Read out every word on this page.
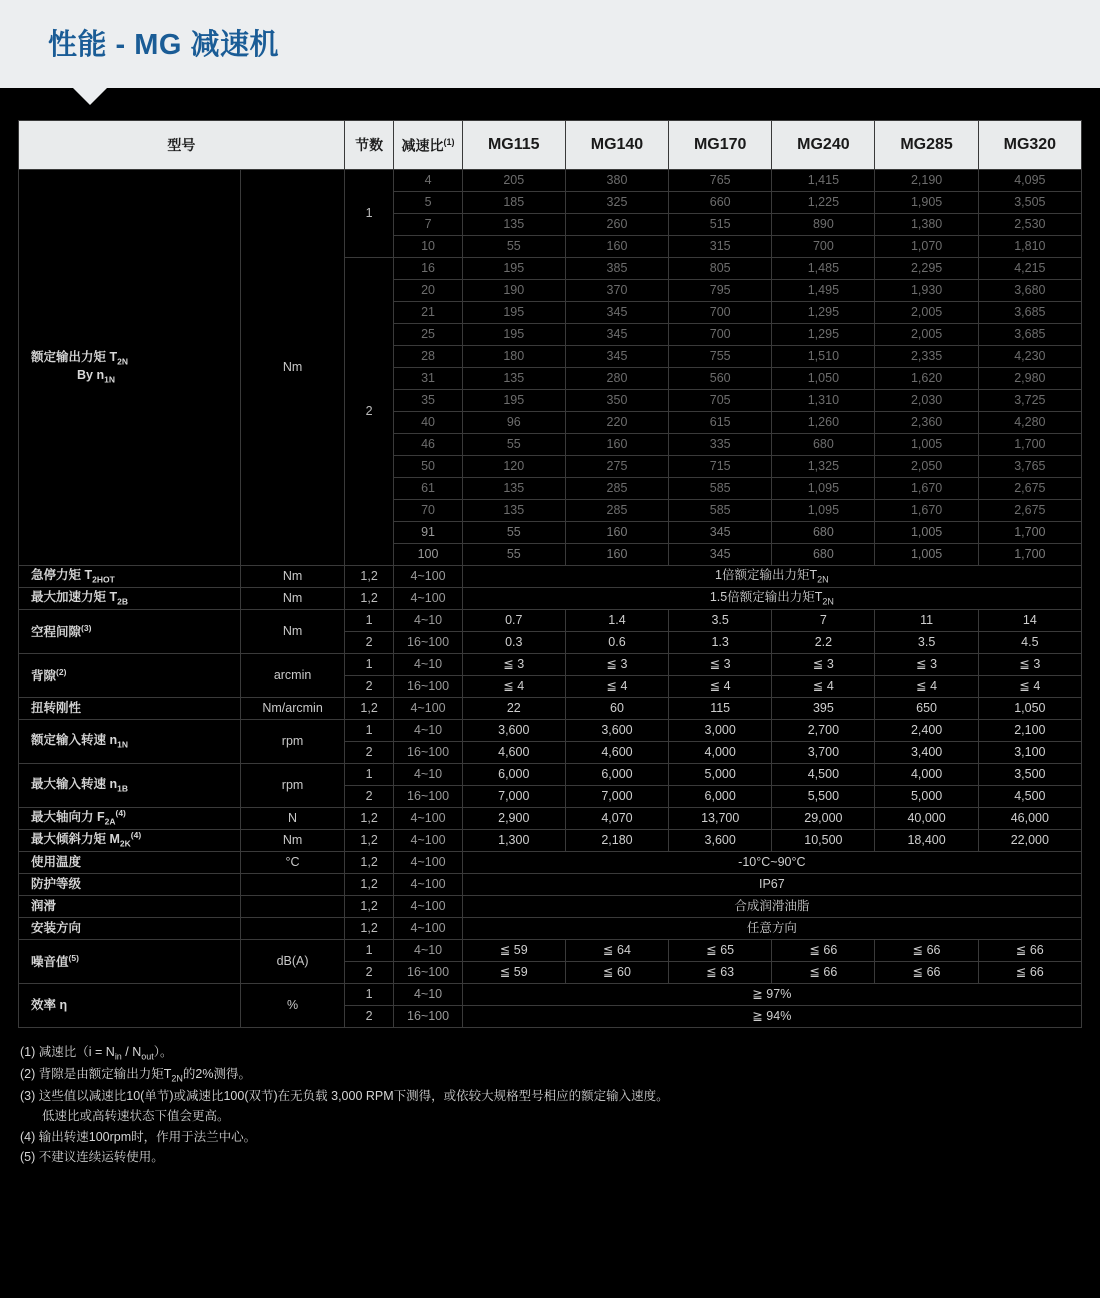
性能 - MG 减速机
型号		节数	减速比$^{(1)}$	MG115	MG140	MG170	MG240	MG285	MG320
额定输出力矩 $T_{2N}$
By $n_{1N}$	Nm	1	4	205	380	765	1,415	2,190	4,095
			5	185	325	660	1,225	1,905	3,505
			7	135	260	515	890	1,380	2,530
			10	55	160	315	700	1,070	1,810
		2	16	195	385	805	1,485	2,295	4,215
			20	190	370	795	1,495	1,930	3,680
			21	195	345	700	1,295	2,005	3,685
			25	195	345	700	1,295	2,005	3,685
			28	180	345	755	1,510	2,335	4,230
			31	135	280	560	1,050	1,620	2,980
			35	195	350	705	1,310	2,030	3,725
			40	96	220	615	1,260	2,360	4,280
			46	55	160	335	680	1,005	1,700
			50	120	275	715	1,325	2,050	3,765
			61	135	285	585	1,095	1,670	2,675
			70	135	285	585	1,095	1,670	2,675
			91	55	160	345	680	1,005	1,700
			100	55	160	345	680	1,005	1,700
急停力矩 $T_{2НОТ}$	Nm	1,2	4~100	1倍额定输出力矩$T_{2N}$
最大加速力矩 $T_{2B}$	Nm	1,2	4~100	1.5倍额定输出力矩$T_{2N}$
空程间隙$^{(3)}$	Nm	1	4~10	0.7	1.4	3.5	7	11	14
		2	16~100	0.3	0.6	1.3	2.2	3.5	4.5
背隙$^{(2)}$	arcmin	1	4~10	≦ 3	≦ 3	≦ 3	≦ 3	≦ 3	≦ 3
		2	16~100	≦ 4	≦ 4	≦ 4	≦ 4	≦ 4	≦ 4
扭转刚性	Nm/arcmin	1,2	4~100	22	60	115	395	650	1,050
额定输入转速 $n_{1N}$	rpm	1	4~10	3,600	3,600	3,000	2,700	2,400	2,100
		2	16~100	4,600	4,600	4,000	3,700	3,400	3,100
最大输入转速 $n_{1B}$	rpm	1	4~10	6,000	6,000	5,000	4,500	4,000	3,500
		2	16~100	7,000	7,000	6,000	5,500	5,000	4,500
最大轴向力 $F_{2A}^{(4)}$	N	1,2	4~100	2,900	4,070	13,700	29,000	40,000	46,000
最大倾斜力矩 $M_{2K}^{(4)}$	Nm	1,2	4~100	1,300	2,180	3,600	10,500	18,400	22,000
使用温度	°C	1,2	4~100	-10°C~90°C					
防护等级		1,2	4~100	IP67					
润滑		1,2	4~100	合成润滑油脂					
安装方向		1,2	4~100	任意方向					
噪音值$^{(5)}$	dB(A)	1	4~10	≦ 59	≦ 64	≦ 65	≦ 66	≦ 66	≦ 66
		2	16~100	≦ 59	≦ 60	≦ 63	≦ 66	≦ 66	≦ 66
效率 η	%	1	4~10	≧ 97%					
		2	16~100	≧ 94%					

(1) 减速比$(i = N_{in} / N_{out})$。

(2) 背隙是由额定输出力矩$T_{2N}$的2%测得。

(3) 这些值以减速比10(单节)或减速比100(双节)在无负载 3,000 RPM下测得，或依较大规格型号相应的额定输入速度。

低速比或高转速状态下值会更高。

(4) 输出转速100rpm时，作用于法兰中心。

(5) 不建议连续运转使用。
